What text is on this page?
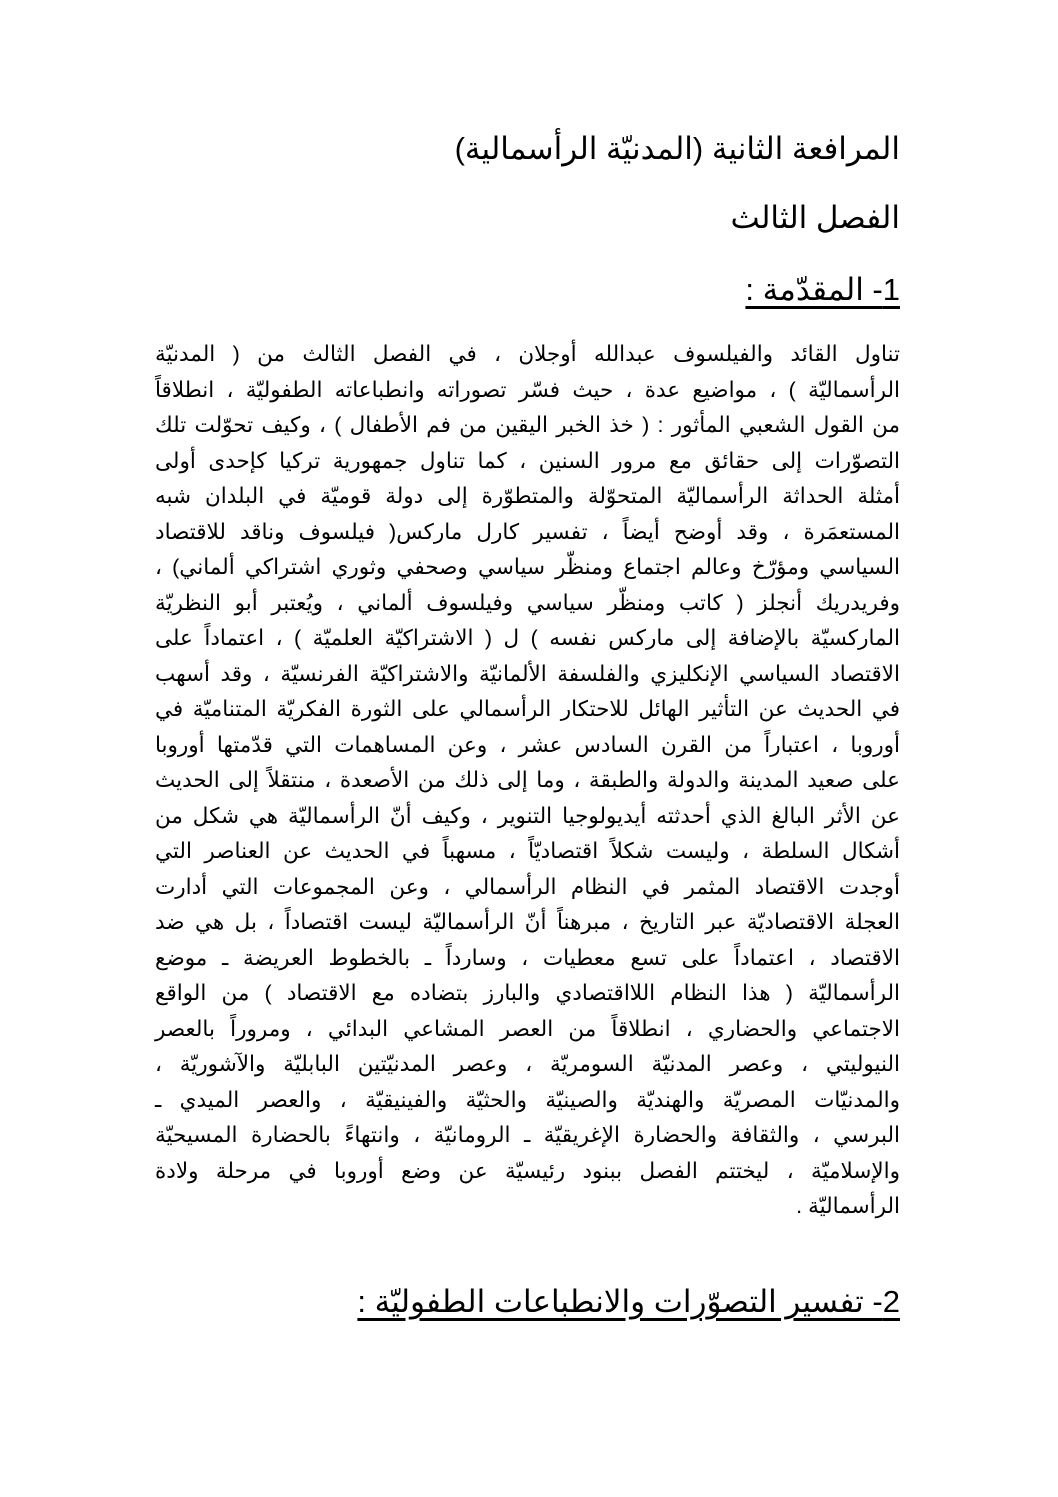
المرافعة الثانية (المدنيّة الرأسمالية)
الفصل الثالث
1- المقدّمة :
تناول القائد والفيلسوف عبدالله أوجلان ، في الفصل الثالث من ( المدنيّة
الرأسماليّة ) ، مواضيع عدة ، حيث فسّر تصوراته وانطباعاته الطفوليّة ، انطلاقاً
من القول الشعبي المأثور : ( خذ الخبر اليقين من فم الأطفال ) ، وكيف تحوّلت تلك
التصوّرات إلى حقائق مع مرور السنين ، كما تناول جمهورية تركيا كإحدى أولى
أمثلة الحداثة الرأسماليّة المتحوّلة والمتطوّرة إلى دولة قوميّة في البلدان شبه
المستعمَرة ، وقد أوضح أيضاً ، تفسير كارل ماركس( فيلسوف وناقد للاقتصاد
السياسي ومؤرّخ وعالم اجتماع ومنظّر سياسي وصحفي وثوري اشتراكي ألماني) ،
وفريدريك أنجلز ( كاتب ومنظّر سياسي وفيلسوف ألماني ، ويُعتبر أبو النظريّة
الماركسيّة بالإضافة إلى ماركس نفسه ) ل ( الاشتراكيّة العلميّة ) ، اعتماداً على
الاقتصاد السياسي الإنكليزي والفلسفة الألمانيّة والاشتراكيّة الفرنسيّة ، وقد أسهب
في الحديث عن التأثير الهائل للاحتكار الرأسمالي على الثورة الفكريّة المتناميّة في
أوروبا ، اعتباراً من القرن السادس عشر ، وعن المساهمات التي قدّمتها أوروبا
على صعيد المدينة والدولة والطبقة ، وما إلى ذلك من الأصعدة ، منتقلاً إلى الحديث
عن الأثر البالغ الذي أحدثته أيديولوجيا التنوير ، وكيف أنّ الرأسماليّة هي شكل من
أشكال السلطة ، وليست شكلاً اقتصاديّاً ، مسهباً في الحديث عن العناصر التي
أوجدت الاقتصاد المثمر في النظام الرأسمالي ، وعن المجموعات التي أدارت
العجلة الاقتصاديّة عبر التاريخ ، مبرهناً أنّ الرأسماليّة ليست اقتصاداً ، بل هي ضد
الاقتصاد ، اعتماداً على تسع معطيات ، وسارداً ـ بالخطوط العريضة ـ موضع
الرأسماليّة ( هذا النظام اللااقتصادي والبارز بتضاده مع الاقتصاد ) من الواقع
الاجتماعي والحضاري ، انطلاقاً من العصر المشاعي البدائي ، ومروراً بالعصر
النيوليتي ، وعصر المدنيّة السومريّة ، وعصر المدنيّتين البابليّة والآشوريّة ،
والمدنيّات المصريّة والهنديّة والصينيّة والحثيّة والفينيقيّة ، والعصر الميدي ـ
البرسي ، والثقافة والحضارة الإغريقيّة ـ الرومانيّة ، وانتهاءً بالحضارة المسيحيّة
والإسلاميّة ، ليختتم الفصل ببنود رئيسيّة عن وضع أوروبا في مرحلة ولادة
الرأسماليّة .
2- تفسير التصوّرات والانطباعات الطفوليّة :
